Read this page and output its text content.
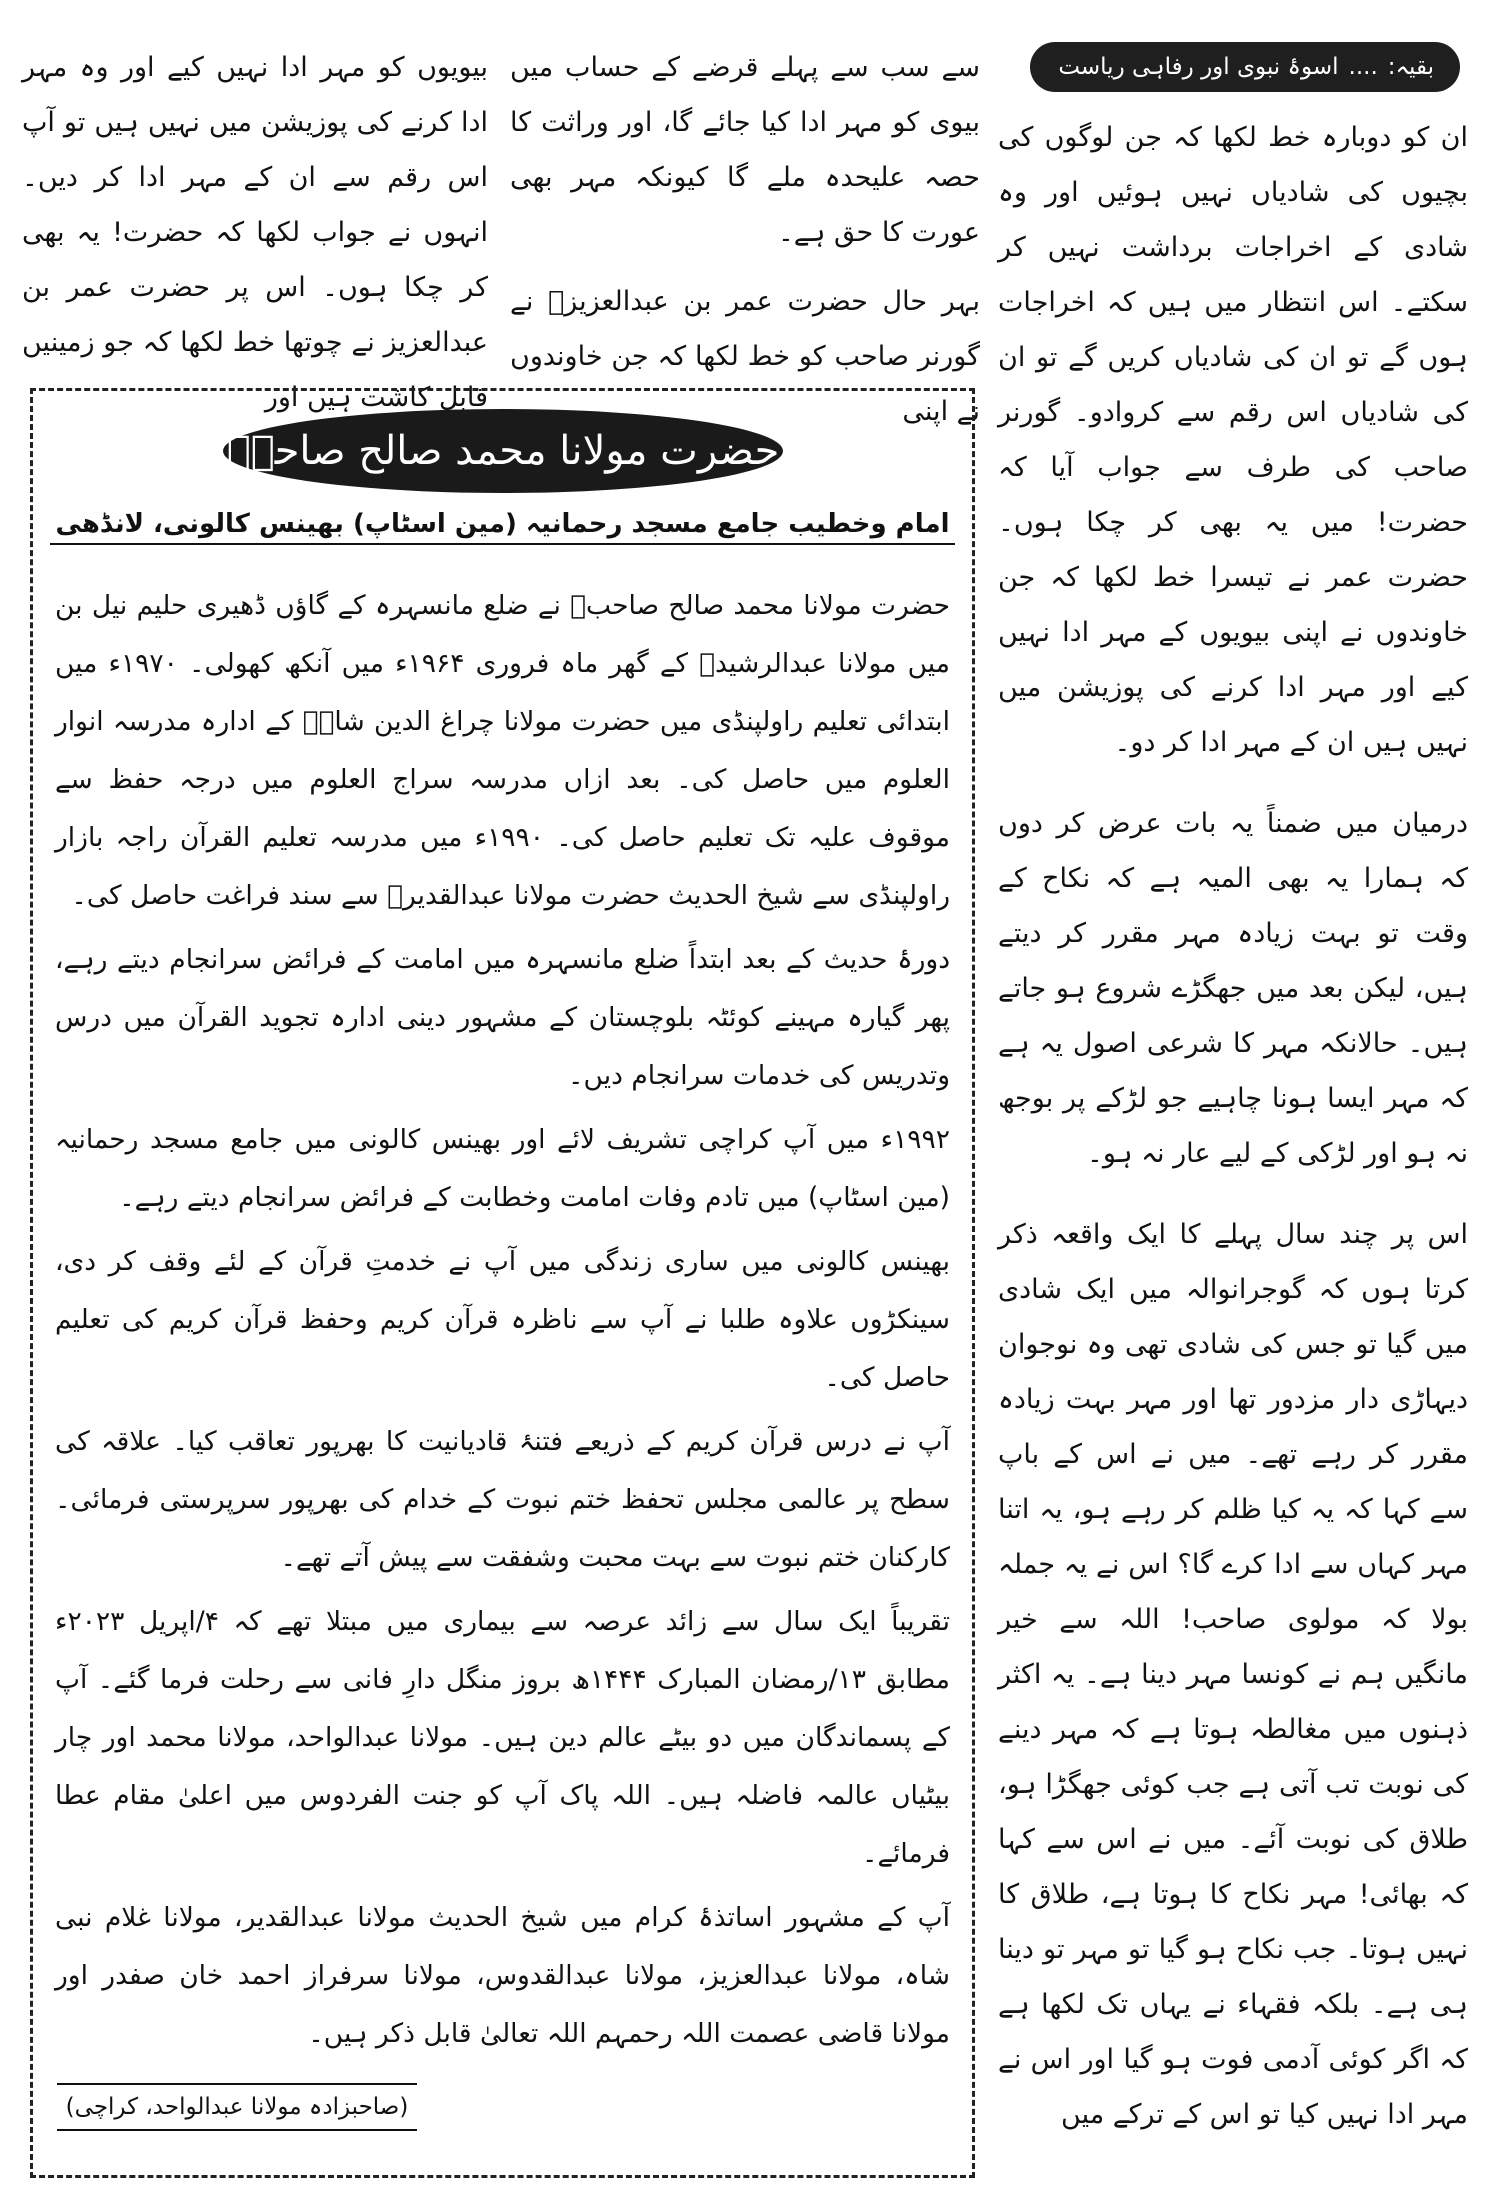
بقیہ:
....
اسوۂ نبوی اور رفاہی ریاست

ان کو دوبارہ خط لکھا کہ جن لوگوں کی بچیوں کی شادیاں نہیں ہوئیں اور وہ شادی کے اخراجات برداشت نہیں کر سکتے۔ اس انتظار میں ہیں کہ اخراجات ہوں گے تو ان کی شادیاں کریں گے تو ان کی شادیاں اس رقم سے کروادو۔ گورنر صاحب کی طرف سے جواب آیا کہ حضرت! میں یہ بھی کر چکا ہوں۔ حضرت عمر نے تیسرا خط لکھا کہ جن خاوندوں نے اپنی بیویوں کے مہر ادا نہیں کیے اور مہر ادا کرنے کی پوزیشن میں نہیں ہیں ان کے مہر ادا کر دو۔

درمیان میں ضمناً یہ بات عرض کر دوں کہ ہمارا یہ بھی المیہ ہے کہ نکاح کے وقت تو بہت زیادہ مہر مقرر کر دیتے ہیں، لیکن بعد میں جھگڑے شروع ہو جاتے ہیں۔ حالانکہ مہر کا شرعی اصول یہ ہے کہ مہر ایسا ہونا چاہیے جو لڑکے پر بوجھ نہ ہو اور لڑکی کے لیے عار نہ ہو۔

اس پر چند سال پہلے کا ایک واقعہ ذکر کرتا ہوں کہ گوجرانوالہ میں ایک شادی میں گیا تو جس کی شادی تھی وہ نوجوان دیہاڑی دار مزدور تھا اور مہر بہت زیادہ مقرر کر رہے تھے۔ میں نے اس کے باپ سے کہا کہ یہ کیا ظلم کر رہے ہو، یہ اتنا مہر کہاں سے ادا کرے گا؟ اس نے یہ جملہ بولا کہ مولوی صاحب! اللہ سے خیر مانگیں ہم نے کونسا مہر دینا ہے۔ یہ اکثر ذہنوں میں مغالطہ ہوتا ہے کہ مہر دینے کی نوبت تب آتی ہے جب کوئی جھگڑا ہو، طلاق کی نوبت آئے۔ میں نے اس سے کہا کہ بھائی! مہر نکاح کا ہوتا ہے، طلاق کا نہیں ہوتا۔ جب نکاح ہو گیا تو مہر تو دینا ہی ہے۔ بلکہ فقہاء نے یہاں تک لکھا ہے کہ اگر کوئی آدمی فوت ہو گیا اور اس نے مہر ادا نہیں کیا تو اس کے ترکے میں

سے سب سے پہلے قرضے کے حساب میں بیوی کو مہر ادا کیا جائے گا، اور وراثت کا حصہ علیحدہ ملے گا کیونکہ مہر بھی عورت کا حق ہے۔

بہر حال حضرت عمر بن عبدالعزیزؒ نے گورنر صاحب کو خط لکھا کہ جن خاوندوں نے اپنی

بیویوں کو مہر ادا نہیں کیے اور وہ مہر ادا کرنے کی پوزیشن میں نہیں ہیں تو آپ اس رقم سے ان کے مہر ادا کر دیں۔ انہوں نے جواب لکھا کہ حضرت! یہ بھی کر چکا ہوں۔ اس پر حضرت عمر بن عبدالعزیز نے چوتھا خط لکھا کہ جو زمینیں قابل کاشت ہیں اور

حضرت مولانا محمد صالح صاحبؒ
امام وخطیب جامع مسجد رحمانیہ (مین اسٹاپ) بھینس کالونی، لانڈھی

حضرت مولانا محمد صالح صاحبؒ نے ضلع مانسہرہ کے گاؤں ڈھیری حلیم نیل بن میں مولانا عبدالرشیدؒ کے گھر ماہ فروری ۱۹۶۴ء میں آنکھ کھولی۔ ۱۹۷۰ء میں ابتدائی تعلیم راولپنڈی میں حضرت مولانا چراغ الدین شاہؒ کے ادارہ مدرسہ انوار العلوم میں حاصل کی۔ بعد ازاں مدرسہ سراج العلوم میں درجہ حفظ سے موقوف علیہ تک تعلیم حاصل کی۔ ۱۹۹۰ء میں مدرسہ تعلیم القرآن راجہ بازار راولپنڈی سے شیخ الحدیث حضرت مولانا عبدالقدیرؒ سے سند فراغت حاصل کی۔

دورۂ حدیث کے بعد ابتداً ضلع مانسہرہ میں امامت کے فرائض سرانجام دیتے رہے، پھر گیارہ مہینے کوئٹہ بلوچستان کے مشہور دینی ادارہ تجوید القرآن میں درس وتدریس کی خدمات سرانجام دیں۔

۱۹۹۲ء میں آپ کراچی تشریف لائے اور بھینس کالونی میں جامع مسجد رحمانیہ (مین اسٹاپ) میں تادم وفات امامت وخطابت کے فرائض سرانجام دیتے رہے۔

بھینس کالونی میں ساری زندگی میں آپ نے خدمتِ قرآن کے لئے وقف کر دی، سینکڑوں علاوہ طلبا نے آپ سے ناظرہ قرآن کریم وحفظ قرآن کریم کی تعلیم حاصل کی۔

آپ نے درس قرآن کریم کے ذریعے فتنۂ قادیانیت کا بھرپور تعاقب کیا۔ علاقہ کی سطح پر عالمی مجلس تحفظ ختم نبوت کے خدام کی بھرپور سرپرستی فرمائی۔ کارکنان ختم نبوت سے بہت محبت وشفقت سے پیش آتے تھے۔

تقریباً ایک سال سے زائد عرصہ سے بیماری میں مبتلا تھے کہ ۴/اپریل ۲۰۲۳ء مطابق ۱۳/رمضان المبارک ۱۴۴۴ھ بروز منگل دارِ فانی سے رحلت فرما گئے۔ آپ کے پسماندگان میں دو بیٹے عالم دین ہیں۔ مولانا عبدالواحد، مولانا محمد اور چار بیٹیاں عالمہ فاضلہ ہیں۔ اللہ پاک آپ کو جنت الفردوس میں اعلیٰ مقام عطا فرمائے۔

آپ کے مشہور اساتذۂ کرام میں شیخ الحدیث مولانا عبدالقدیر، مولانا غلام نبی شاہ، مولانا عبدالعزیز، مولانا عبدالقدوس، مولانا سرفراز احمد خان صفدر اور مولانا قاضی عصمت اللہ رحمہم اللہ تعالیٰ قابل ذکر ہیں۔

(صاحبزادہ مولانا عبدالواحد، کراچی)
